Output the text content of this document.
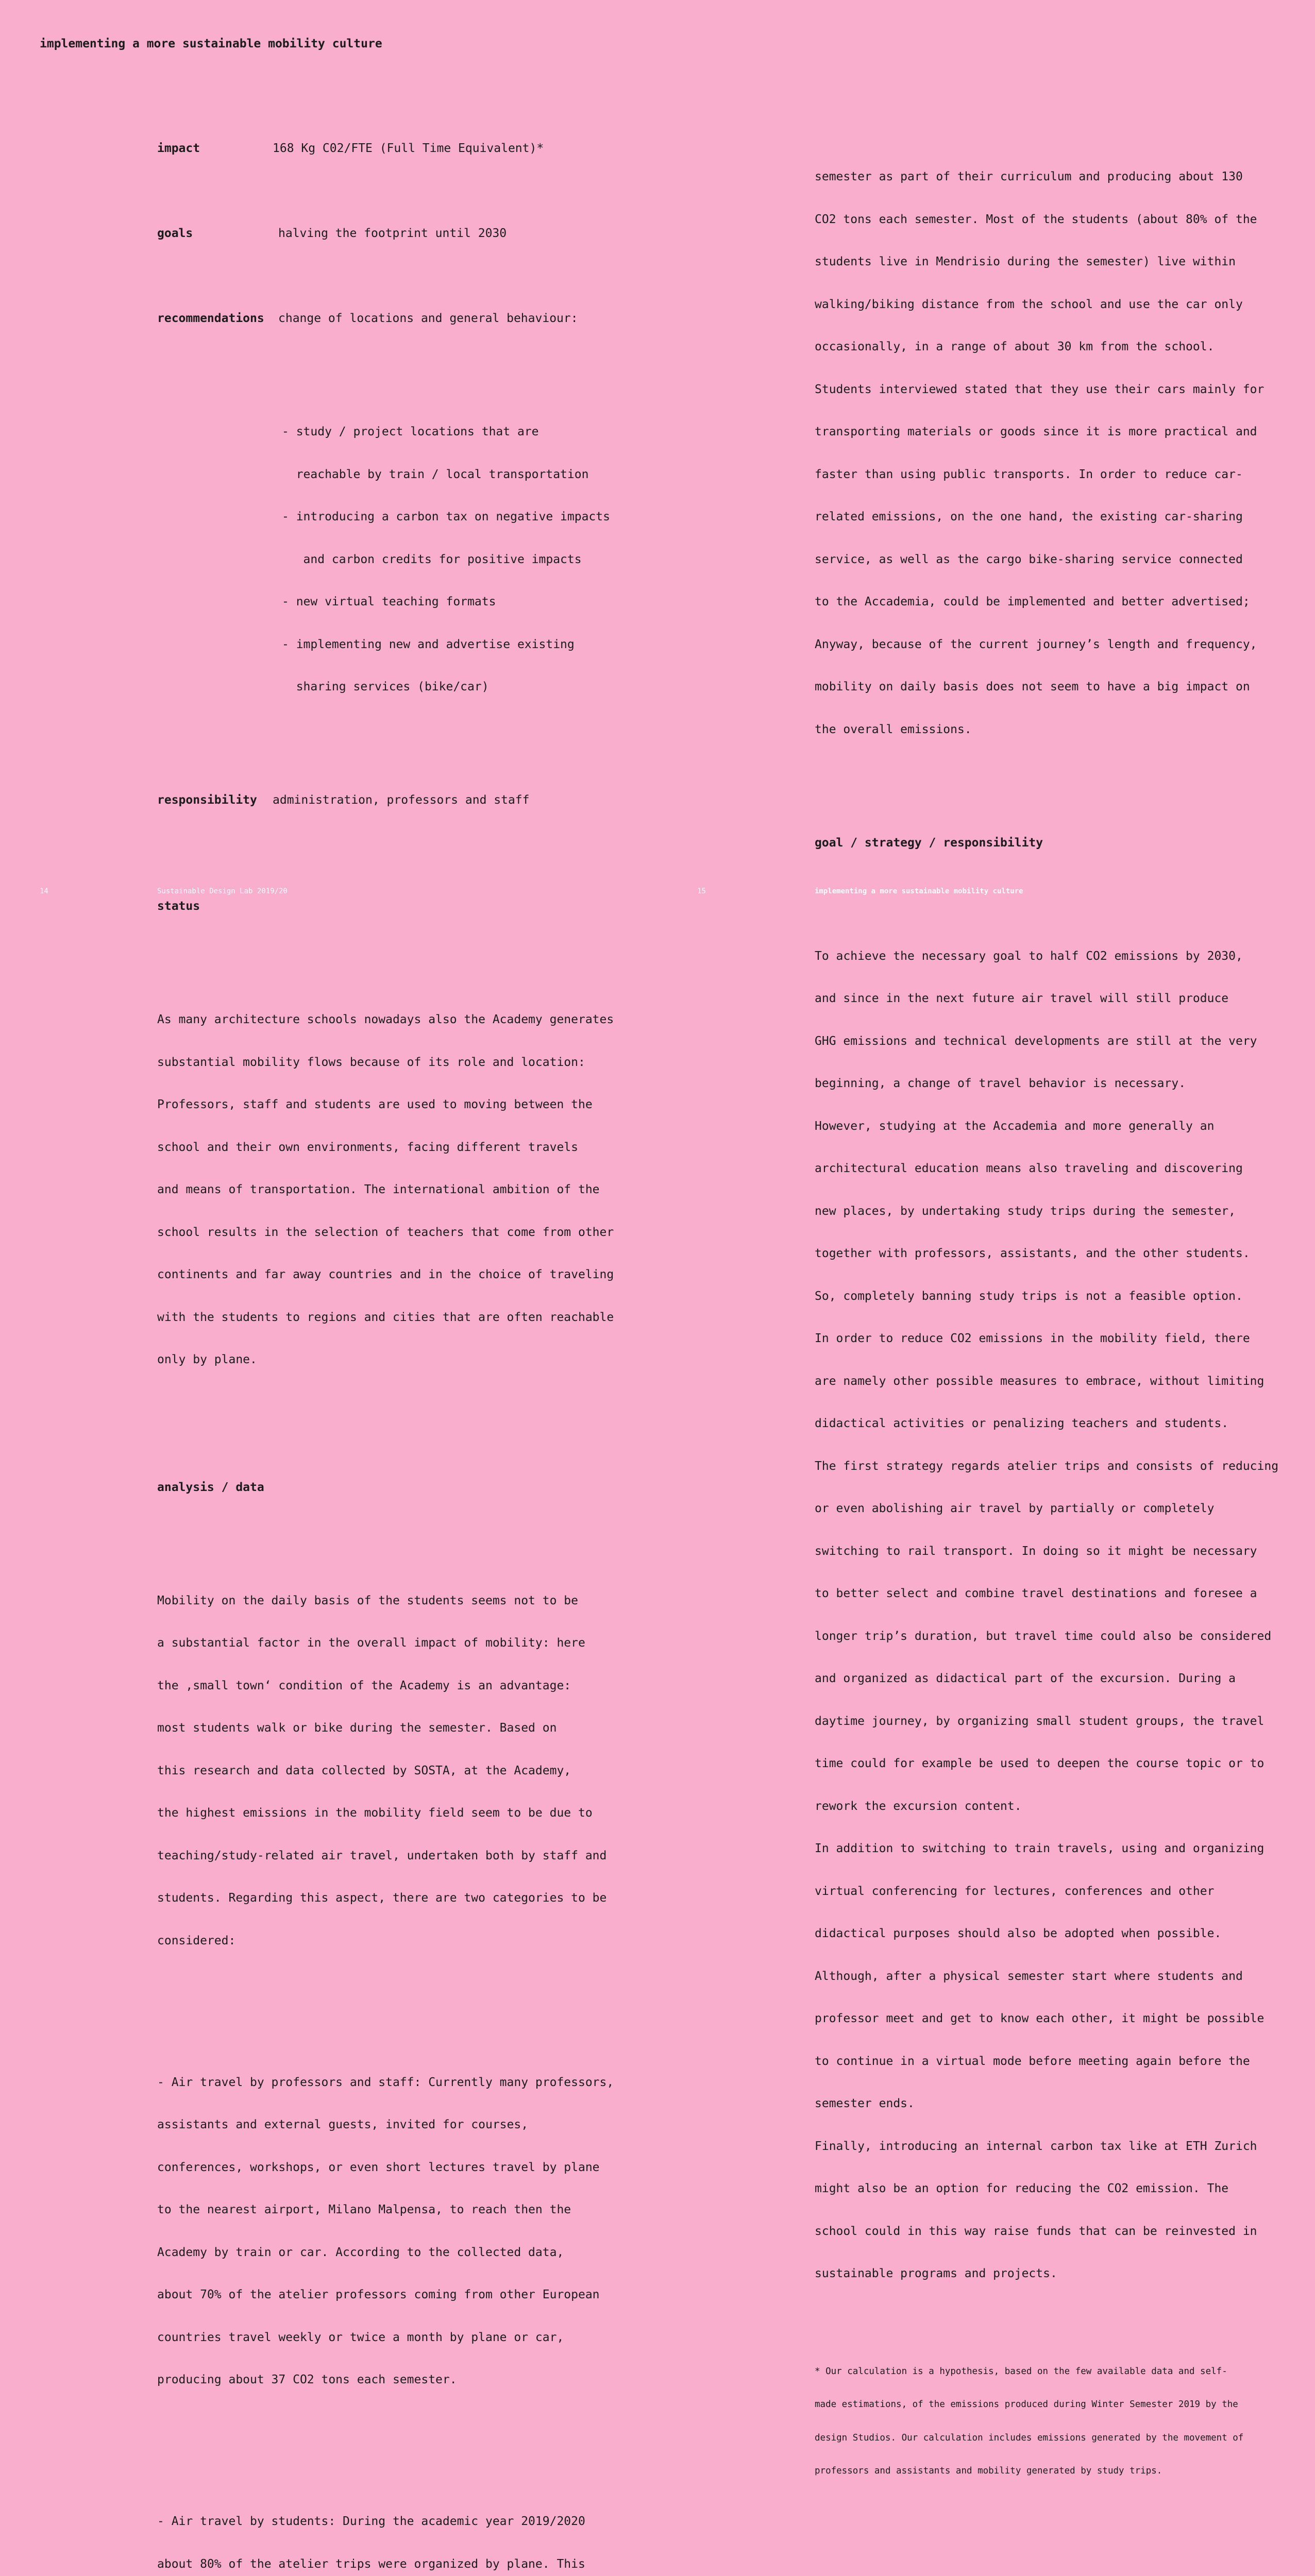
implementing a more sustainable mobility culture

impact	168 Kg C02/FTE (Full Time Equivalent)*

goals	halving the footprint until 2030

recommendations change of locations and general behaviour:

- study / project locations that are

reachable by train / local transportation

- introducing a carbon tax on negative impacts

and carbon credits for positive impacts

- new virtual teaching formats

- implementing new and advertise existing

sharing services (bike/car)

responsibility administration, professors and staff

status

As many architecture schools nowadays also the Academy generates

substantial mobility flows because of its role and location:

Professors, staff and students are used to moving between the

school and their own environments, facing different travels

and means of transportation. The international ambition of the

school results in the selection of teachers that come from other

continents and far away countries and in the choice of traveling

with the students to regions and cities that are often reachable

only by plane.

analysis / data

Mobility on the daily basis of the students seems not to be

a substantial factor in the overall impact of mobility: here

the ‚small town‘ condition of the Academy is an advantage:

most students walk or bike during the semester. Based on

this research and data collected by SOSTA, at the Academy,

the highest emissions in the mobility field seem to be due to

teaching/study-related air travel, undertaken both by staff and

students. Regarding this aspect, there are two categories to be

considered:

- Air travel by professors and staff: Currently many professors,

assistants and external guests, invited for courses,

conferences, workshops, or even short lectures travel by plane

to the nearest airport, Milano Malpensa, to reach then the

Academy by train or car. According to the collected data,

about 70% of the atelier professors coming from other European

countries travel weekly or twice a month by plane or car,

producing about 37 CO2 tons each semester.

- Air travel by students: During the academic year 2019/2020

about 80% of the atelier trips were organized by plane. This

semester as part of their curriculum and producing about 130

CO2 tons each semester. Most of the students (about 80% of the

students live in Mendrisio during the semester) live within

walking/biking distance from the school and use the car only

occasionally, in a range of about 30 km from the school.

Students interviewed stated that they use their cars mainly for

transporting materials or goods since it is more practical and

faster than using public transports. In order to reduce car-

related emissions, on the one hand, the existing car-sharing

service, as well as the cargo bike-sharing service connected

to the Accademia, could be implemented and better advertised;

Anyway, because of the current journey’s length and frequency,

mobility on daily basis does not seem to have a big impact on

the overall emissions.

goal / strategy / responsibility

To achieve the necessary goal to half CO2 emissions by 2030,

and since in the next future air travel will still produce

GHG emissions and technical developments are still at the very

beginning, a change of travel behavior is necessary.

However, studying at the Accademia and more generally an

architectural education means also traveling and discovering

new places, by undertaking study trips during the semester,

together with professors, assistants, and the other students.

So, completely banning study trips is not a feasible option.

In order to reduce CO2 emissions in the mobility field, there

are namely other possible measures to embrace, without limiting

didactical activities or penalizing teachers and students.

The first strategy regards atelier trips and consists of reducing

or even abolishing air travel by partially or completely

switching to rail transport. In doing so it might be necessary

to better select and combine travel destinations and foresee a

longer trip’s duration, but travel time could also be considered

and organized as didactical part of the excursion. During a

daytime journey, by organizing small student groups, the travel

time could for example be used to deepen the course topic or to

rework the excursion content.

In addition to switching to train travels, using and organizing

virtual conferencing for lectures, conferences and other

didactical purposes should also be adopted when possible.

Although, after a physical semester start where students and

professor meet and get to know each other, it might be possible

to continue in a virtual mode before meeting again before the

semester ends.

Finally, introducing an internal carbon tax like at ETH Zurich

might also be an option for reducing the CO2 emission. The

school could in this way raise funds that can be reinvested in

sustainable programs and projects.

* Our calculation is a hypothesis, based on the few available data and self-

made estimations, of the emissions produced during Winter Semester 2019 by the

design Studios. Our calculation includes emissions generated by the movement of

professors and assistants and mobility generated by study trips.

14	Sustainable Design Lab 2019/20	15	implementing a more sustainable mobility culture
